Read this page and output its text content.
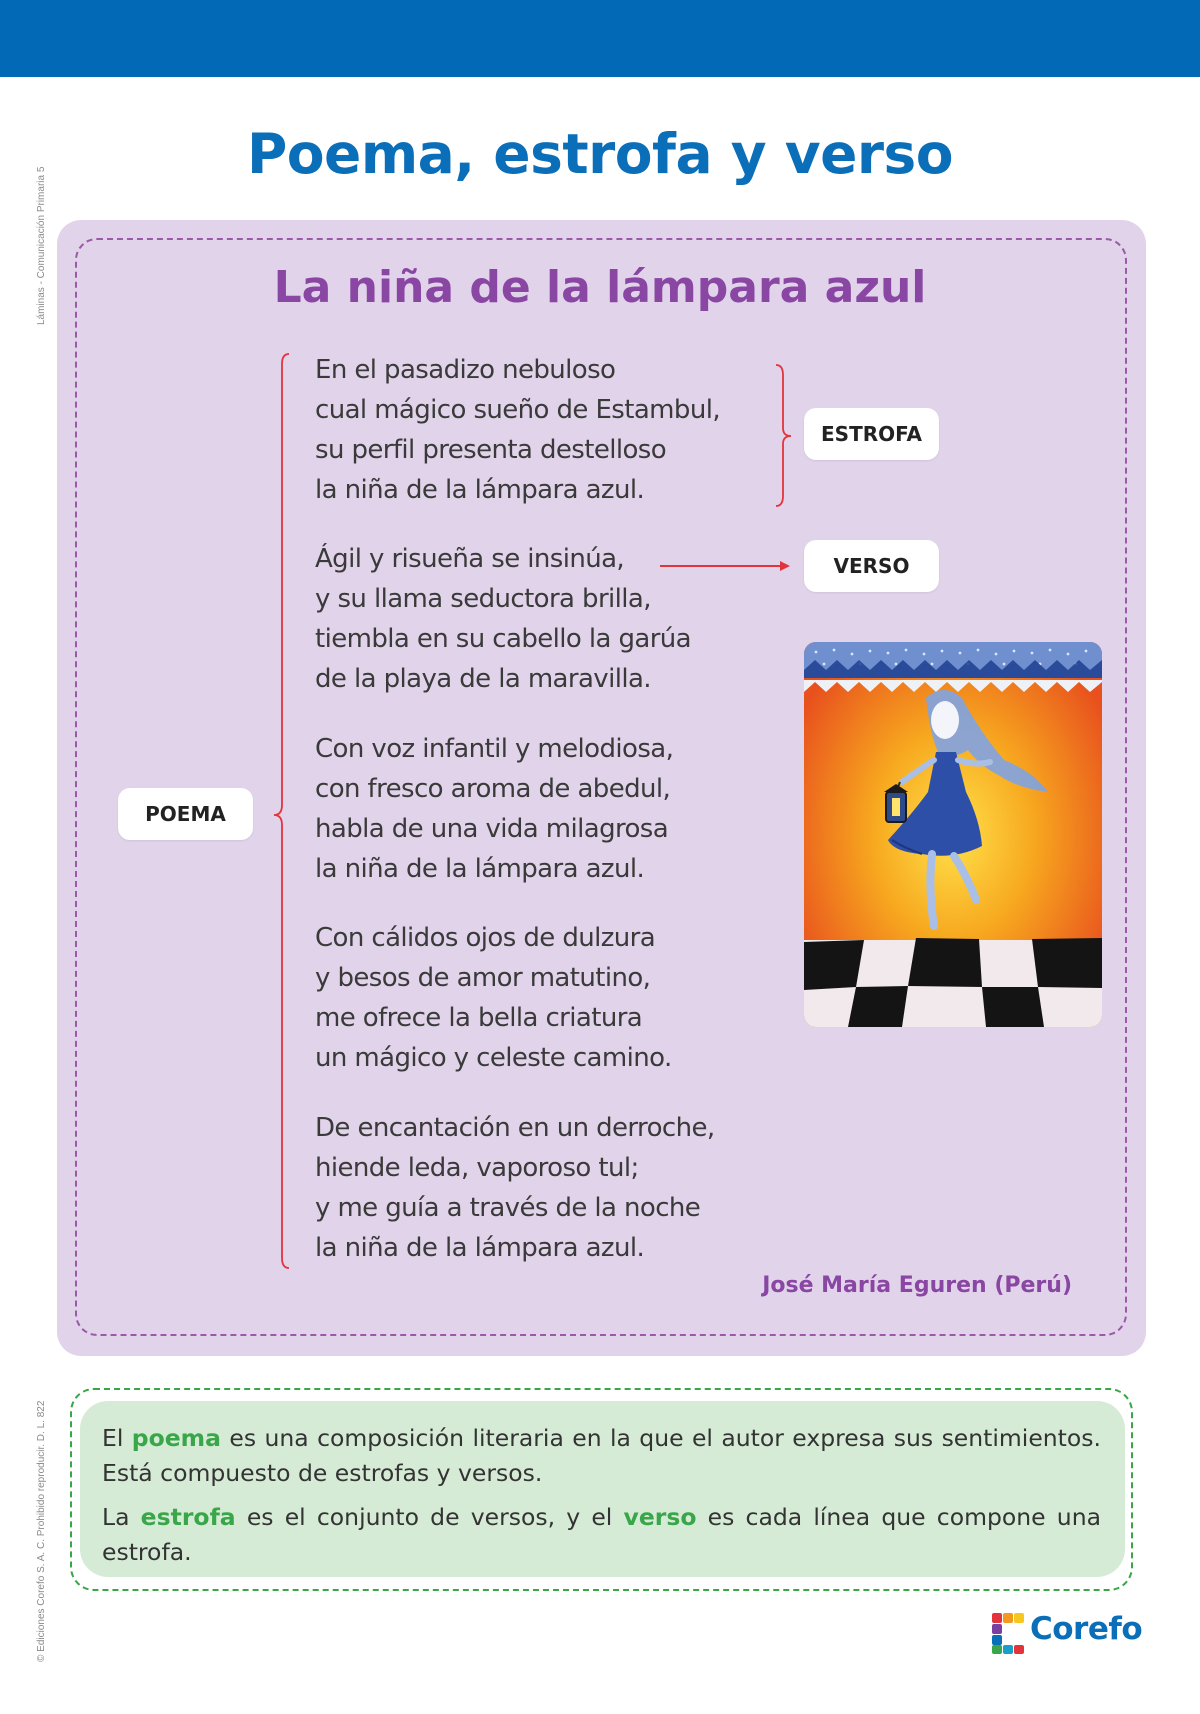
Láminas - Comunicación Primaria 5
© Ediciones Corefo S. A. C. Prohibido reproducir. D. L. 822
Poema, estrofa y verso
La niña de la lámpara azul
En el pasadizo nebuloso
cual mágico sueño de Estambul,
su perfil presenta destelloso
la niña de la lámpara azul.
Ágil y risueña se insinúa,
y su llama seductora brilla,
tiembla en su cabello la garúa
de la playa de la maravilla.
Con voz infantil y melodiosa,
con fresco aroma de abedul,
habla de una vida milagrosa
la niña de la lámpara azul.
Con cálidos ojos de dulzura
y besos de amor matutino,
me ofrece la bella criatura
un mágico y celeste camino.
De encantación en un derroche,
hiende leda, vaporoso tul;
y me guía a través de la noche
la niña de la lámpara azul.
ESTROFA
VERSO
POEMA
José María Eguren (Perú)

El poema es una composición literaria en la que el autor expresa sus sentimientos. Está compuesto de estrofas y versos.

La estrofa es el conjunto de versos, y el verso es cada línea que compone una estrofa.

Corefo
